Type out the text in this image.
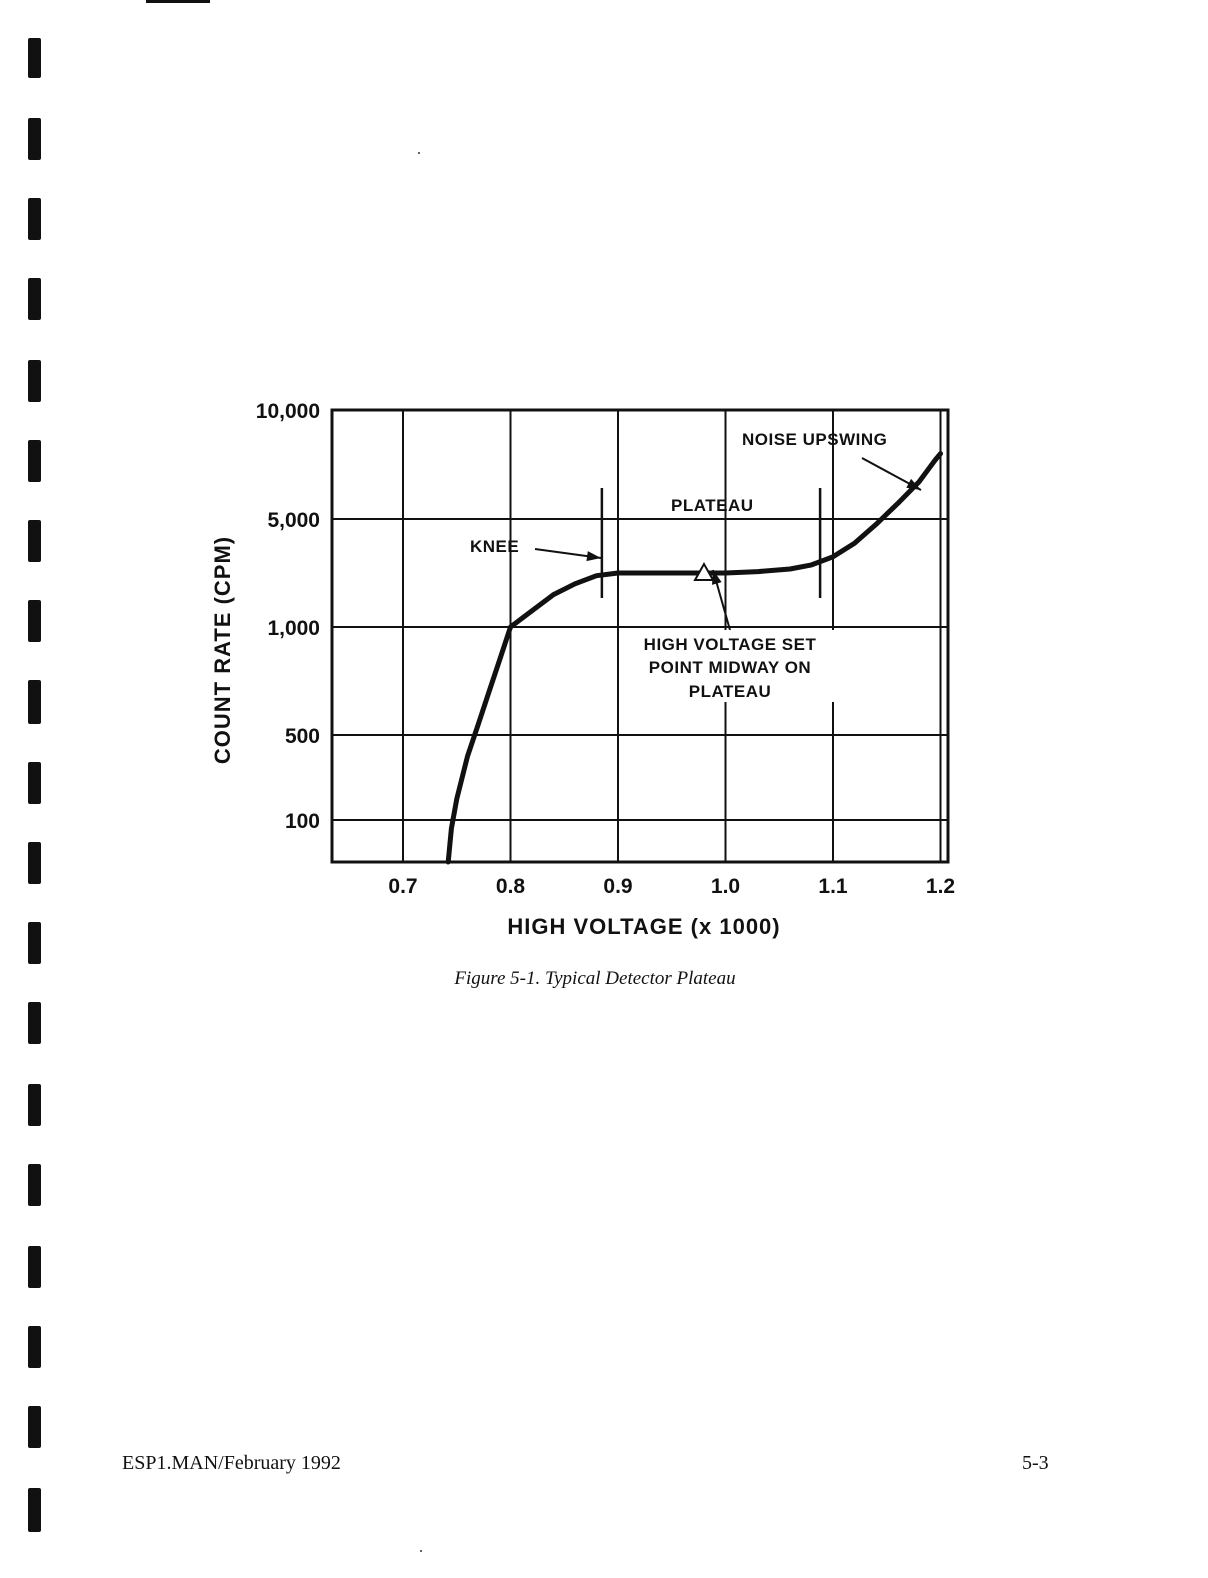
100
500
1,000
5,000
10,000
0.7	0.8	0.9	1.0	1.1	1.2
KNEE
PLATEAU
NOISE UPSWING
HIGH VOLTAGE SET
POINT MIDWAY ON
PLATEAU
HIGH VOLTAGE (x 1000)
COUNT RATE (CPM)
Figure 5-1. Typical Detector Plateau
ESP1.MAN/February 1992	5-3
